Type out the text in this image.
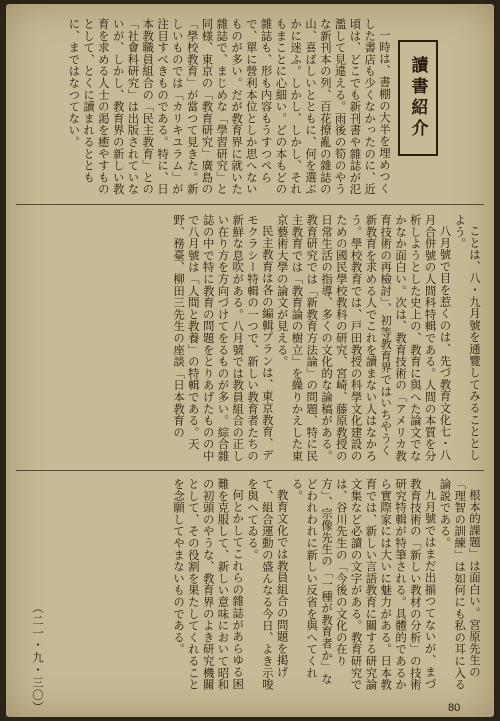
讀書紹介

一時は、書棚の大半を埋めつくした書店も少くなかったのに、近頃は、どこでも新刊書や雜誌が氾濫して見違える。雨後の筍のやうな新刊本の列、百花撩亂の雜誌の山、喜ばしいとともに、何を選ぶかに迷ふ。しかし、しかし、それもまことに心細い。どの本もどの雜誌も、形も内容もうすつぺらで、單に營利本位としか思へないものが多い。だが教育界に就いた雜誌で、まじめな「學習研究」と同様、東京の「教育研究」廣島の「學校教育」が當つて見きた。新しいものでは「カリキユラム」が注目すべきものである。特に、日本教職員組合の「民主教育」との「社會科研究」は出版されていないが、しかし、教育界の新しい教育を求める人士の渇を癒やすものとして、とくに讀まれるとともに、まではなつてない。

ことは、八・九月號を通覽してみることとしよう。

八月號で目を惹くのは、先づ教育文化七・八月合併號の人間科特輯である。人間の本質を分析しようとした史上の、教育に與へた論文でなかなか面白い。次は、教育技術の「アメリカ教育技術の再檢討」、初等教育界ではいちやうく新教育を求める人でこれを讀まない人はなかろう。學校教育では、戸田教授の科學文化建設のための國民學校教科の研究、宮崎、藤原教授の日常生活の指導、多くの文化的な論稿がある。教育研究では「新教育方法論」の問題、特に民主教育では「教育論の樹立」を繰りかえした東京藝術大學の論文が見える。

民主教育は各の編輯プランは、東京教育、デモクラシー特輯の一つで、新しい教育者たちの新鮮な息吹がある。八月號では教員組合の正しい在り方を方向づけてをるものが多い。綜合雜誌の中で特に教育の問題をとりあげたものの中で八月號は「人間と教養」の特輯である。天野、務臺、柳田三先生の座談「日本教育の

根本的課題」は面白い。宮原先生の「理智の訓練」は如何にも私の耳に入る論説である。

九月號ではまだ出揃つてないが、まづ教育技術の「新しい教材の分析」の技術研究特輯が特筆される。具體的であるから實際家には大いに魅力がある。日本教育では、新しい言語教育に關する研究論文集など必讀の文字がある。教育研究では、谷川先生の「今後の文化の在り方」、宗像先生の「一種が教育者か」などわれわれに新しい反省を與へてくれる。

教育文化では教員組合の問題を掲げて、組合運動の盛んなる今日、よき示唆を與へてゐる。

何とかしてこれらの雜誌があらゆる困難を克服して、新しい意味において昭和の初頭のやうな、教育界のよき研究機關として、その役割を果たしてくれることを念願してやまないものである。

（二一・九・三〇）	80
